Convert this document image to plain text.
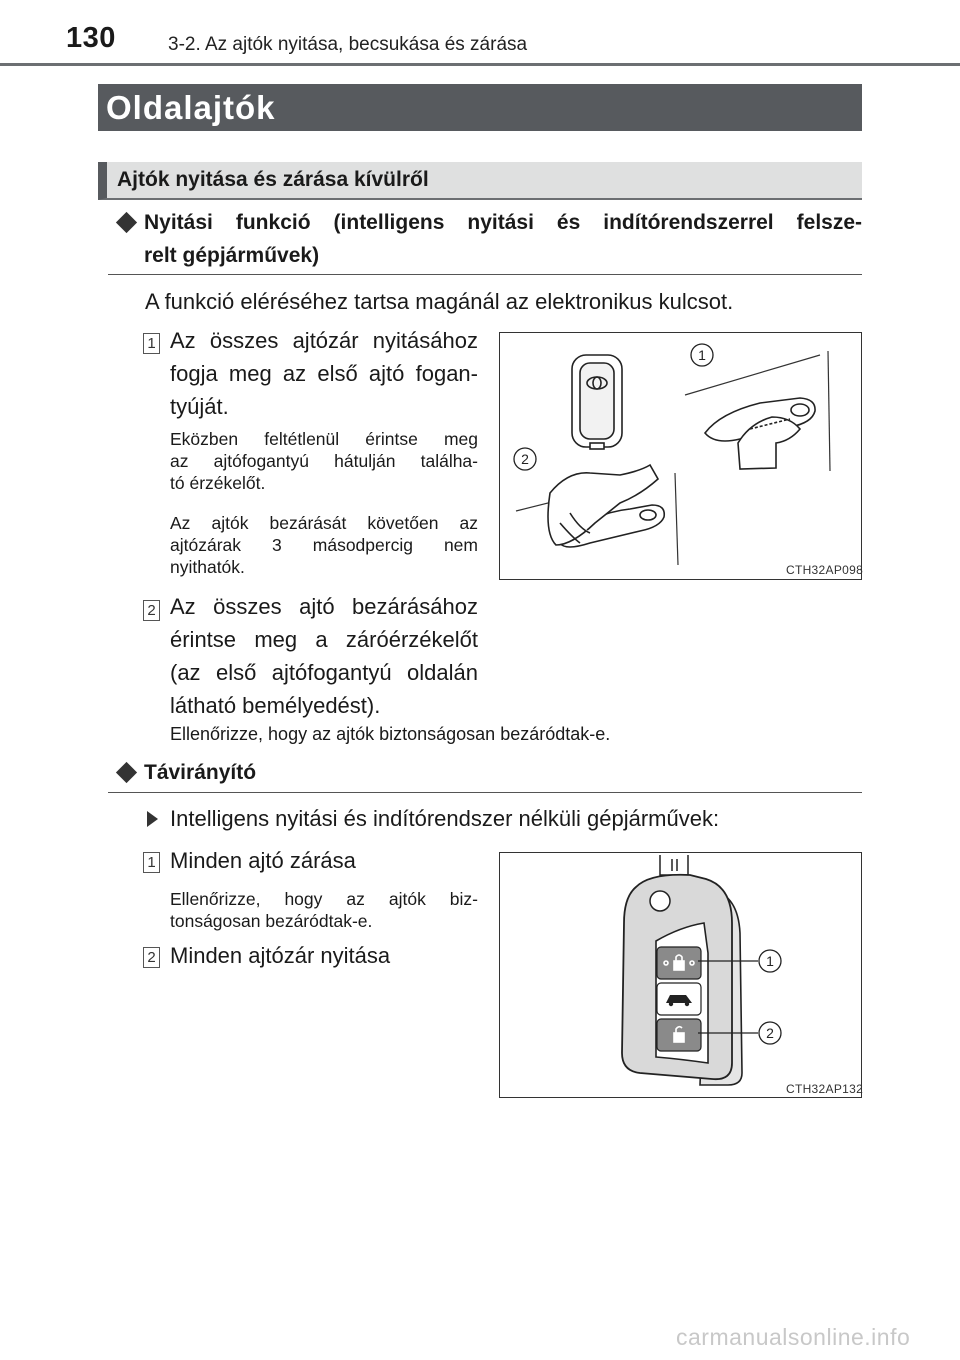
130	3-2. Az ajtók nyitása, becsukása és zárása
Oldalajtók
Ajtók nyitása és zárása kívülről
Nyitási funkció (intelligens nyitási és indítórendszerrel felsze-
relt gépjárművek)
A funkció eléréséhez tartsa magánál az elektronikus kulcsot.
1 Az összes ajtózár nyitásához
fogja meg az első ajtó fogan-
tyúját.
Eközben feltétlenül érintse meg
az ajtófogantyú hátulján találha-
tó érzékelőt.
Az ajtók bezárását követően az
ajtózárak 3 másodpercig nem
nyithatók.
2 Az összes ajtó bezárásához
érintse meg a záróérzékelőt
(az első ajtófogantyú oldalán
látható bemélyedést).
Ellenőrizze, hogy az ajtók biztonságosan bezáródtak-e.
1
2
CTH32AP098
Távirányító
Intelligens nyitási és indítórendszer nélküli gépjárművek:
1 Minden ajtó zárása
Ellenőrizze, hogy az ajtók biz-
tonságosan bezáródtak-e.
2 Minden ajtózár nyitása	1
2
CTH32AP132
carmanualsonline.info
